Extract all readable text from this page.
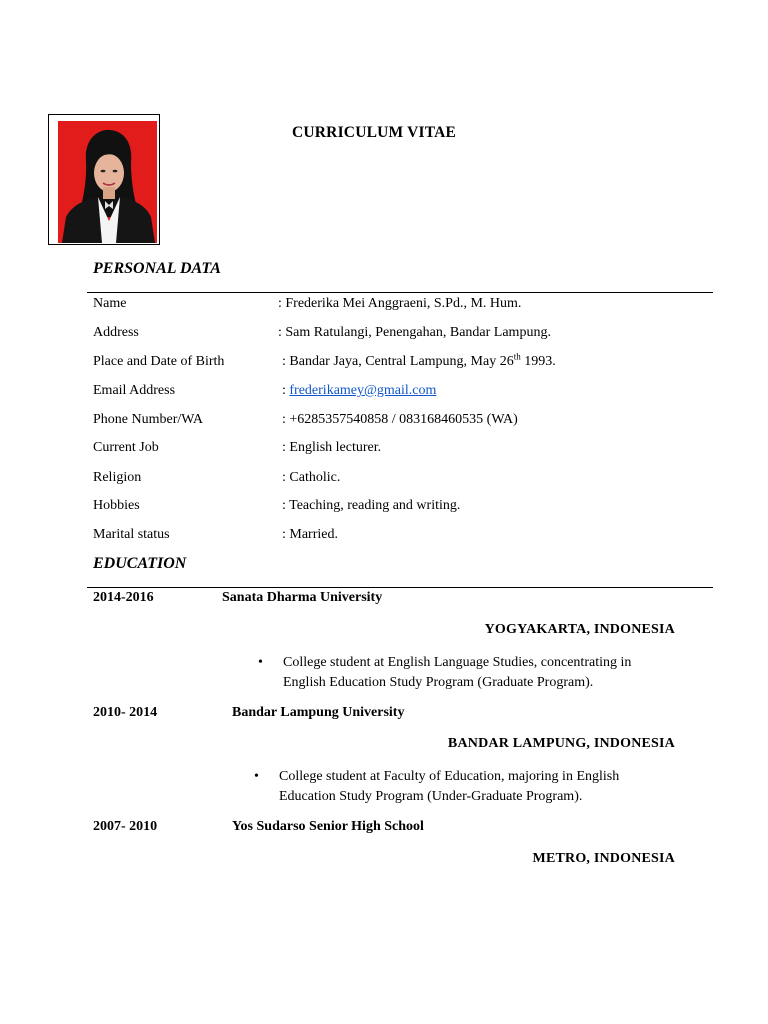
CURRICULUM VITAE
PERSONAL DATA
Name	: Frederika Mei Anggraeni, S.Pd., M. Hum.
Address	: Sam Ratulangi, Penengahan, Bandar Lampung.
Place and Date of Birth	: Bandar Jaya, Central Lampung, May 26th 1993.
Email Address	: frederikamey@gmail.com
Phone Number/WA	: +6285357540858 / 083168460535 (WA)
Current Job	: English lecturer.
Religion	: Catholic.
Hobbies	: Teaching, reading and writing.
Marital status	: Married.
EDUCATION
2014-2016	Sanata Dharma University
YOGYAKARTA, INDONESIA
• College student at English Language Studies, concentrating in
English Education Study Program (Graduate Program).
2010- 2014	Bandar Lampung University
BANDAR LAMPUNG, INDONESIA
• College student at Faculty of Education, majoring in English
Education Study Program (Under-Graduate Program).
2007- 2010	Yos Sudarso Senior High School
METRO, INDONESIA
